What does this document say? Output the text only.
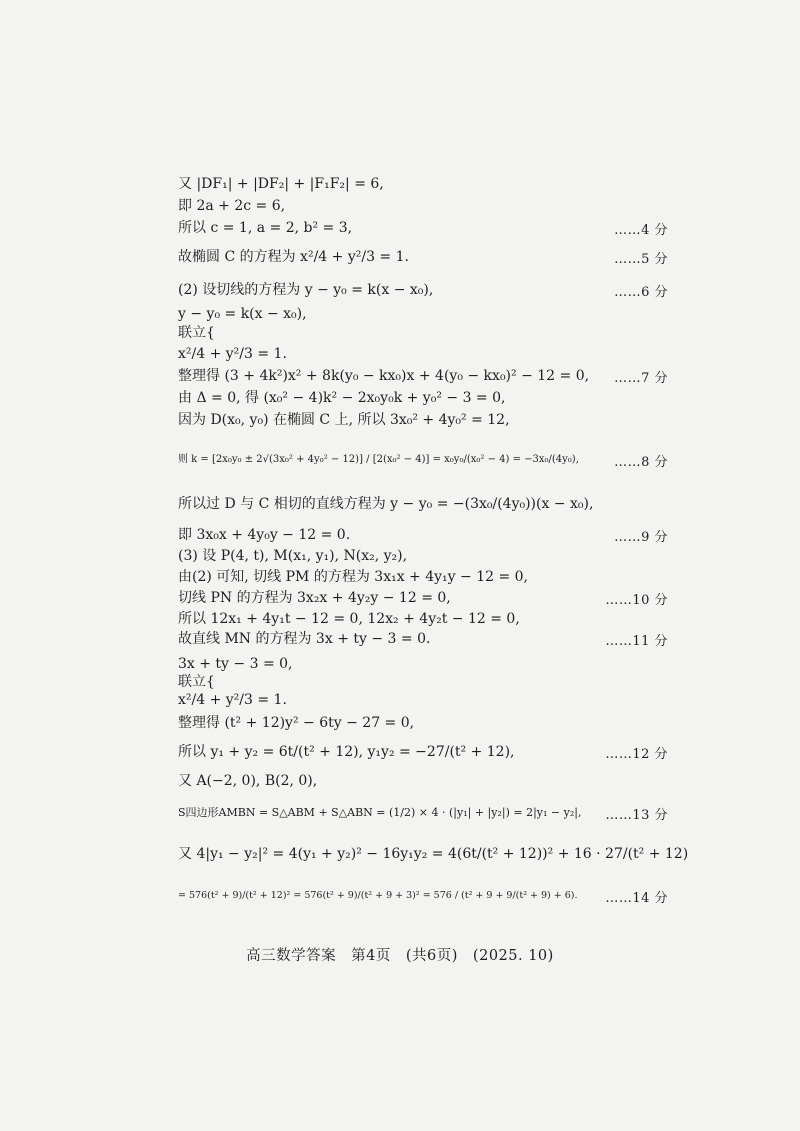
又 |DF₁| + |DF₂| + |F₁F₂| = 6,
即 2a + 2c = 6,
所以 c = 1, a = 2, b² = 3,	……4 分
故椭圆 C 的方程为 x²/4 + y²/3 = 1.	……5 分
(2) 设切线的方程为 y − y₀ = k(x − x₀),	……6 分
y − y₀ = k(x − x₀),
联立{
x²/4 + y²/3 = 1.
整理得 (3 + 4k²)x² + 8k(y₀ − kx₀)x + 4(y₀ − kx₀)² − 12 = 0, ……7 分
由 Δ = 0, 得 (x₀² − 4)k² − 2x₀y₀k + y₀² − 3 = 0,
因为 D(x₀, y₀) 在椭圆 C 上, 所以 3x₀² + 4y₀² = 12,
则 k = [2x₀y₀ ± 2√(3x₀² + 4y₀² − 12)] / [2(x₀² − 4)] = x₀y₀/(x₀² − 4) = −3x₀/(4y₀),	……8 分
所以过 D 与 C 相切的直线方程为 y − y₀ = −(3x₀/(4y₀))(x − x₀),
即 3x₀x + 4y₀y − 12 = 0.	……9 分
(3) 设 P(4, t), M(x₁, y₁), N(x₂, y₂),
由(2) 可知, 切线 PM 的方程为 3x₁x + 4y₁y − 12 = 0,
切线 PN 的方程为 3x₂x + 4y₂y − 12 = 0,	……10 分
所以 12x₁ + 4y₁t − 12 = 0, 12x₂ + 4y₂t − 12 = 0,
故直线 MN 的方程为 3x + ty − 3 = 0.	……11 分
3x + ty − 3 = 0,
联立{
x²/4 + y²/3 = 1.
整理得 (t² + 12)y² − 6ty − 27 = 0,
所以 y₁ + y₂ = 6t/(t² + 12), y₁y₂ = −27/(t² + 12),	……12 分
又 A(−2, 0), B(2, 0),
S四边形AMBN = S△ABM + S△ABN = (1/2) × 4 · (|y₁| + |y₂|) = 2|y₁ − y₂|, ……13 分
又 4|y₁ − y₂|² = 4(y₁ + y₂)² − 16y₁y₂ = 4(6t/(t² + 12))² + 16 · 27/(t² + 12)
= 576(t² + 9)/(t² + 12)² = 576(t² + 9)/(t² + 9 + 3)² = 576 / (t² + 9 + 9/(t² + 9) + 6). ……14 分
高三数学答案　第4页　(共6页)　(2025. 10)
